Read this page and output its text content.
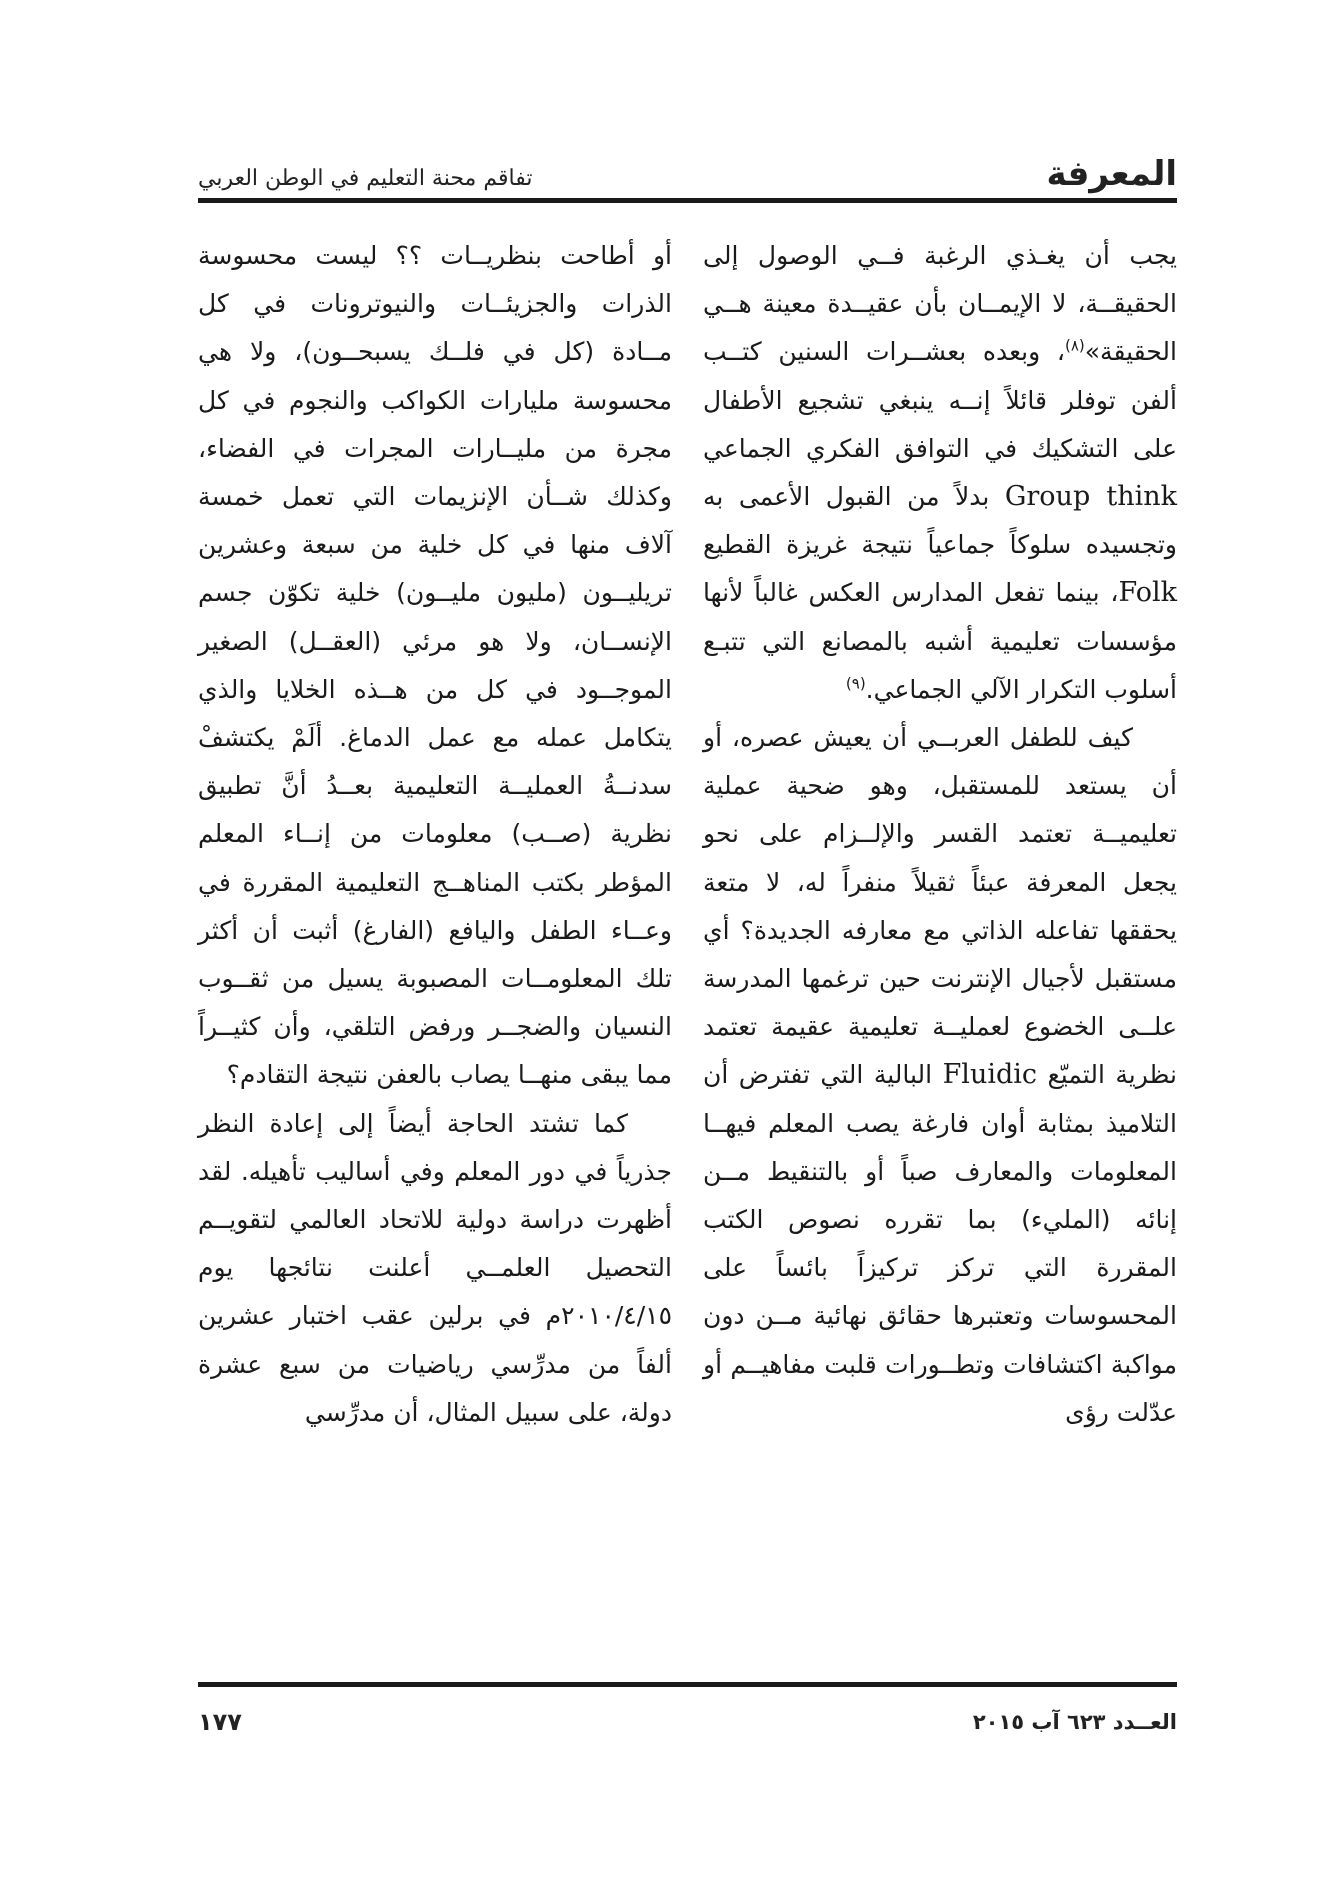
المعرفة
تفاقم محنة التعليم في الوطن العربي

يجب أن يغـذي الرغبة فــي الوصول إلى الحقيقــة، لا الإيمــان بأن عقيــدة معينة هــي الحقيقة»$^{(٨)}$، وبعده بعشــرات السنين كتــب ألفن توفلر قائلاً إنــه ينبغي تشجيع الأطفال على التشكيك في التوافق الفكري الجماعي Group think بدلاً من القبول الأعمى به وتجسيده سلوكاً جماعياً نتيجة غريزة القطيع Folk، بينما تفعل المدارس العكس غالباً لأنها مؤسسات تعليمية أشبه بالمصانع التي تتبـع أسلوب التكرار الآلي الجماعي.$^{(٩)}$

كيف للطفل العربــي أن يعيش عصره، أو أن يستعد للمستقبل، وهو ضحية عملية تعليميــة تعتمد القسر والإلــزام على نحو يجعل المعرفة عبئاً ثقيلاً منفراً له، لا متعة يحققها تفاعله الذاتي مع معارفه الجديدة؟ أي مستقبل لأجيال الإنترنت حين ترغمها المدرسة علــى الخضوع لعمليــة تعليمية عقيمة تعتمد نظرية التميّع Fluidic البالية التي تفترض أن التلاميذ بمثابة أوان فارغة يصب المعلم فيهــا المعلومات والمعارف صباً أو بالتنقيط مــن إنائه (المليء) بما تقرره نصوص الكتب المقررة التي تركز تركيزاً بائساً على المحسوسات وتعتبرها حقائق نهائية مــن دون مواكبة اكتشافات وتطــورات قلبت مفاهيــم أو عدّلت رؤى

أو أطاحت بنظريــات ؟؟ ليست محسوسة الذرات والجزيئــات والنيوترونات في كل مــادة (كل في فلــك يسبحــون)، ولا هي محسوسة مليارات الكواكب والنجوم في كل مجرة من مليــارات المجرات في الفضاء، وكذلك شــأن الإنزيمات التي تعمل خمسة آلاف منها في كل خلية من سبعة وعشرين تريليــون (مليون مليــون) خلية تكوّن جسم الإنســان، ولا هو مرئي (العقــل) الصغير الموجــود في كل من هــذه الخلايا والذي يتكامل عمله مع عمل الدماغ. ألَمْ يكتشفْ سدنــةُ العمليــة التعليمية بعــدُ أنَّ تطبيق نظرية (صــب) معلومات من إنــاء المعلم المؤطر بكتب المناهــج التعليمية المقررة في وعــاء الطفل واليافع (الفارغ) أثبت أن أكثر تلك المعلومــات المصبوبة يسيل من ثقــوب النسيان والضجــر ورفض التلقي، وأن كثيــراً مما يبقى منهــا يصاب بالعفن نتيجة التقادم؟

كما تشتد الحاجة أيضاً إلى إعادة النظر جذرياً في دور المعلم وفي أساليب تأهيله. لقد أظهرت دراسة دولية للاتحاد العالمي لتقويــم التحصيل العلمــي أعلنت نتائجها يوم ٢٠١٠/٤/١٥م في برلين عقب اختبار عشرين ألفاً من مدرِّسي رياضيات من سبع عشرة دولة، على سبيل المثال، أن مدرِّسي

العــدد ٦٢٣ آب ٢٠١٥
١٧٧
